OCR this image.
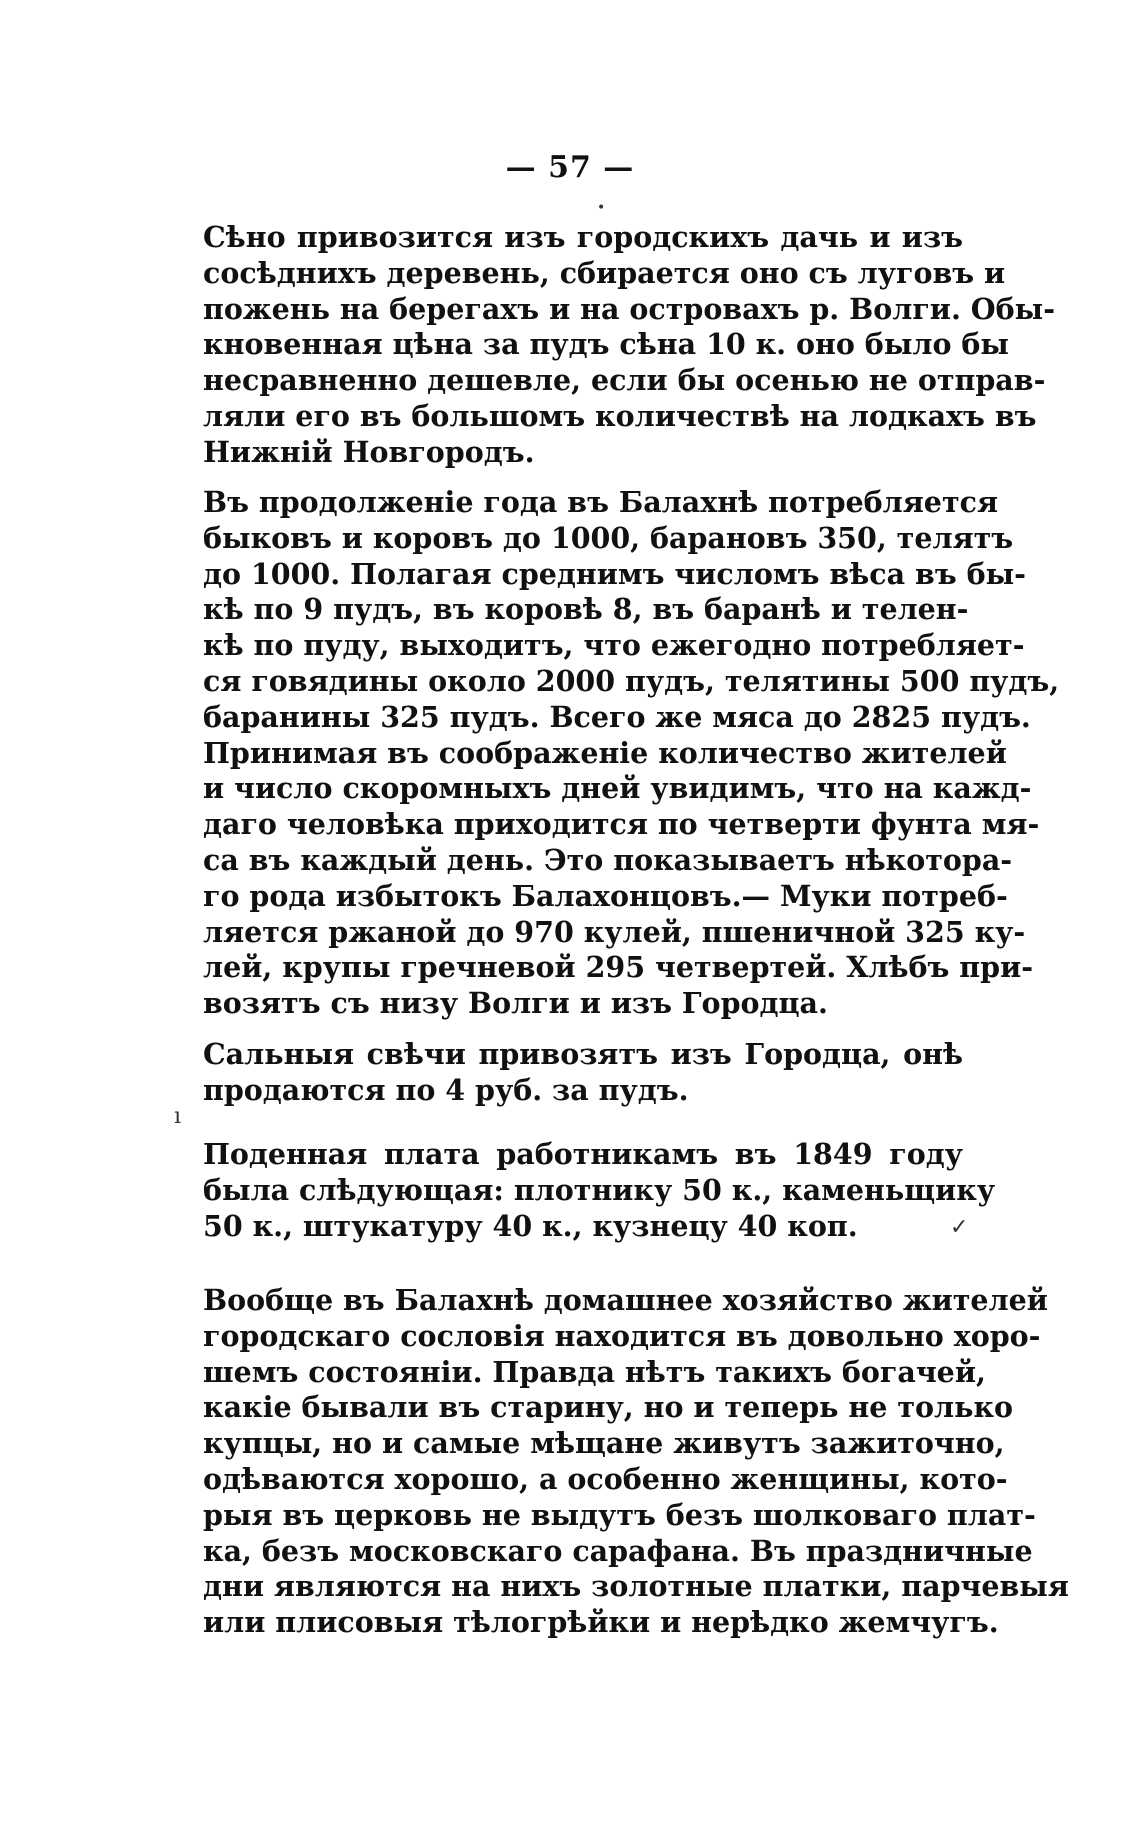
— 57 —
•
ı
✓
Сѣно привозится изъ городскихъ дачь и изъ
сосѣднихъ деревень, сбирается оно съ луговъ и
пожень на берегахъ и на островахъ р. Волги. Обы-
кновенная цѣна за пудъ сѣна 10 к. оно было бы
несравненно дешевле, если бы осенью не отправ-
ляли его въ большомъ количествѣ на лодкахъ въ
Нижній Новгородъ.
Въ продолженіе года въ Балахнѣ потребляется
быковъ и коровъ до 1000, барановъ 350, телятъ
до 1000. Полагая среднимъ числомъ вѣса въ бы-
кѣ по 9 пудъ, въ коровѣ 8, въ баранѣ и телен-
кѣ по пуду, выходитъ, что ежегодно потребляет-
ся говядины около 2000 пудъ, телятины 500 пудъ,
баранины 325 пудъ. Всего же мяса до 2825 пудъ.
Принимая въ соображеніе количество жителей
и число скоромныхъ дней увидимъ, что на кажд-
даго человѣка приходится по четверти фунта мя-
са въ каждый день. Это показываетъ нѣкотора-
го рода избытокъ Балахонцовъ.— Муки потреб-
ляется ржаной до 970 кулей, пшеничной 325 ку-
лей, крупы гречневой 295 четвертей. Хлѣбъ при-
возятъ съ низу Волги и изъ Городца.
Сальныя свѣчи привозятъ изъ Городца, онѣ
продаются по 4 руб. за пудъ.
Поденная плата работникамъ въ 1849 году
была слѣдующая: плотнику 50 к., каменьщику
50 к., штукатуру 40 к., кузнецу 40 коп.
Вообще въ Балахнѣ домашнее хозяйство жителей
городскаго сословія находится въ довольно хоро-
шемъ состояніи. Правда нѣтъ такихъ богачей,
какіе бывали въ старину, но и теперь не только
купцы, но и самые мѣщане живутъ зажиточно,
одѣваются хорошо, а особенно женщины, кото-
рыя въ церковь не выдутъ безъ шолковаго плат-
ка, безъ московскаго сарафана. Въ праздничные
дни являются на нихъ золотные платки, парчевыя
или плисовыя тѣлогрѣйки и нерѣдко жемчугъ.
